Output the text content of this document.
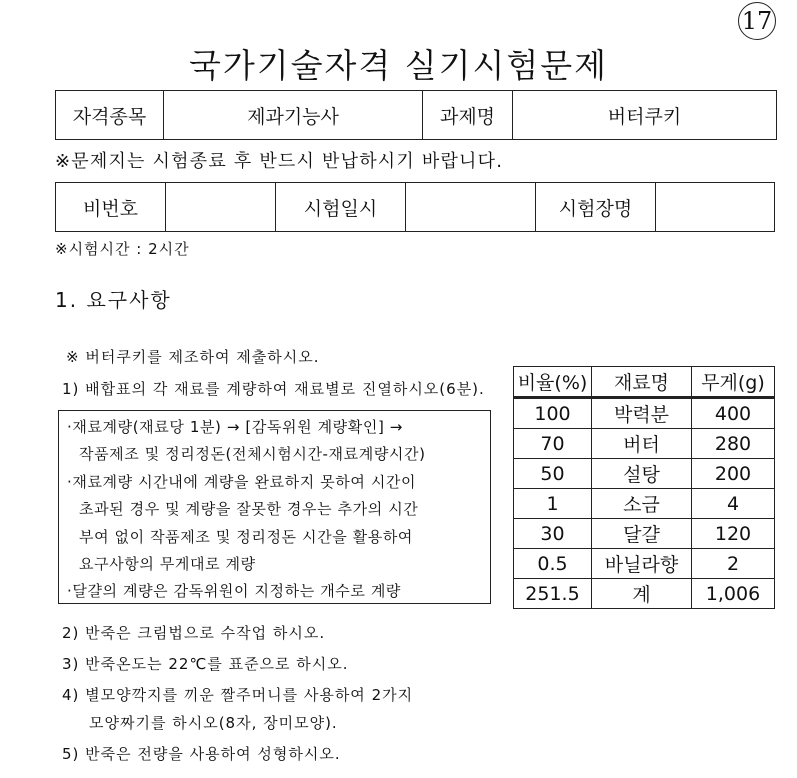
17
국가기술자격 실기시험문제
자격종목	제과기능사	과제명	버터쿠키
※문제지는 시험종료 후 반드시 반납하시기 바랍니다.
비번호		시험일시		시험장명	
※시험시간 : 2시간
1. 요구사항
※ 버터쿠키를 제조하여 제출하시오.
1) 배합표의 각 재료를 계량하여 재료별로 진열하시오(6분).
·재료계량(재료당 1분) → [감독위원 계량확인] →
작품제조 및 정리정돈(전체시험시간-재료계량시간)
·재료계량 시간내에 계량을 완료하지 못하여 시간이
초과된 경우 및 계량을 잘못한 경우는 추가의 시간
부여 없이 작품제조 및 정리정돈 시간을 활용하여
요구사항의 무게대로 계량
·달걀의 계량은 감독위원이 지정하는 개수로 계량
비율(%)	재료명	무게(g)
100	박력분	400
70	버터	280
50	설탕	200
1	소금	4
30	달걀	120
0.5	바닐라향	2
251.5	계	1,006
2) 반죽은 크림법으로 수작업 하시오.
3) 반죽온도는 22℃를 표준으로 하시오.
4) 별모양깍지를 끼운 짤주머니를 사용하여 2가지
모양짜기를 하시오(8자, 장미모양).
5) 반죽은 전량을 사용하여 성형하시오.
